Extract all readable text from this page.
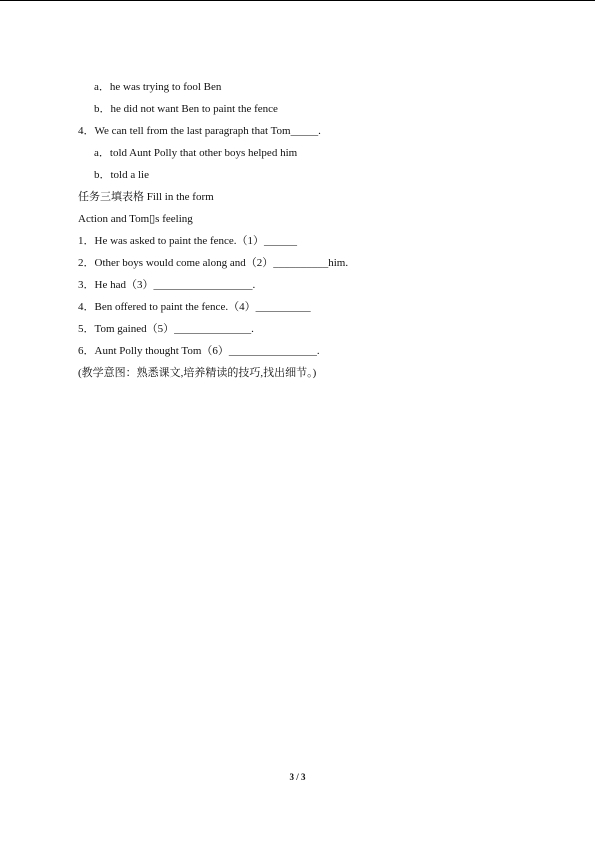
a．he was trying to fool Ben
b．he did not want Ben to paint the fence
4．We can tell from the last paragraph that Tom_____.
a．told Aunt Polly that other boys helped him
b．told a lie
任务三填表格 Fill in the form
Action and Tom▯s feeling
1．He was asked to paint the fence.（1）______
2．Other boys would come along and（2）__________him.
3．He had（3）__________________.
4．Ben offered to paint the fence.（4）__________
5．Tom gained（5）______________.
6．Aunt Polly thought Tom（6）________________.
(教学意图：熟悉课文,培养精读的技巧,找出细节。)
3 / 3
